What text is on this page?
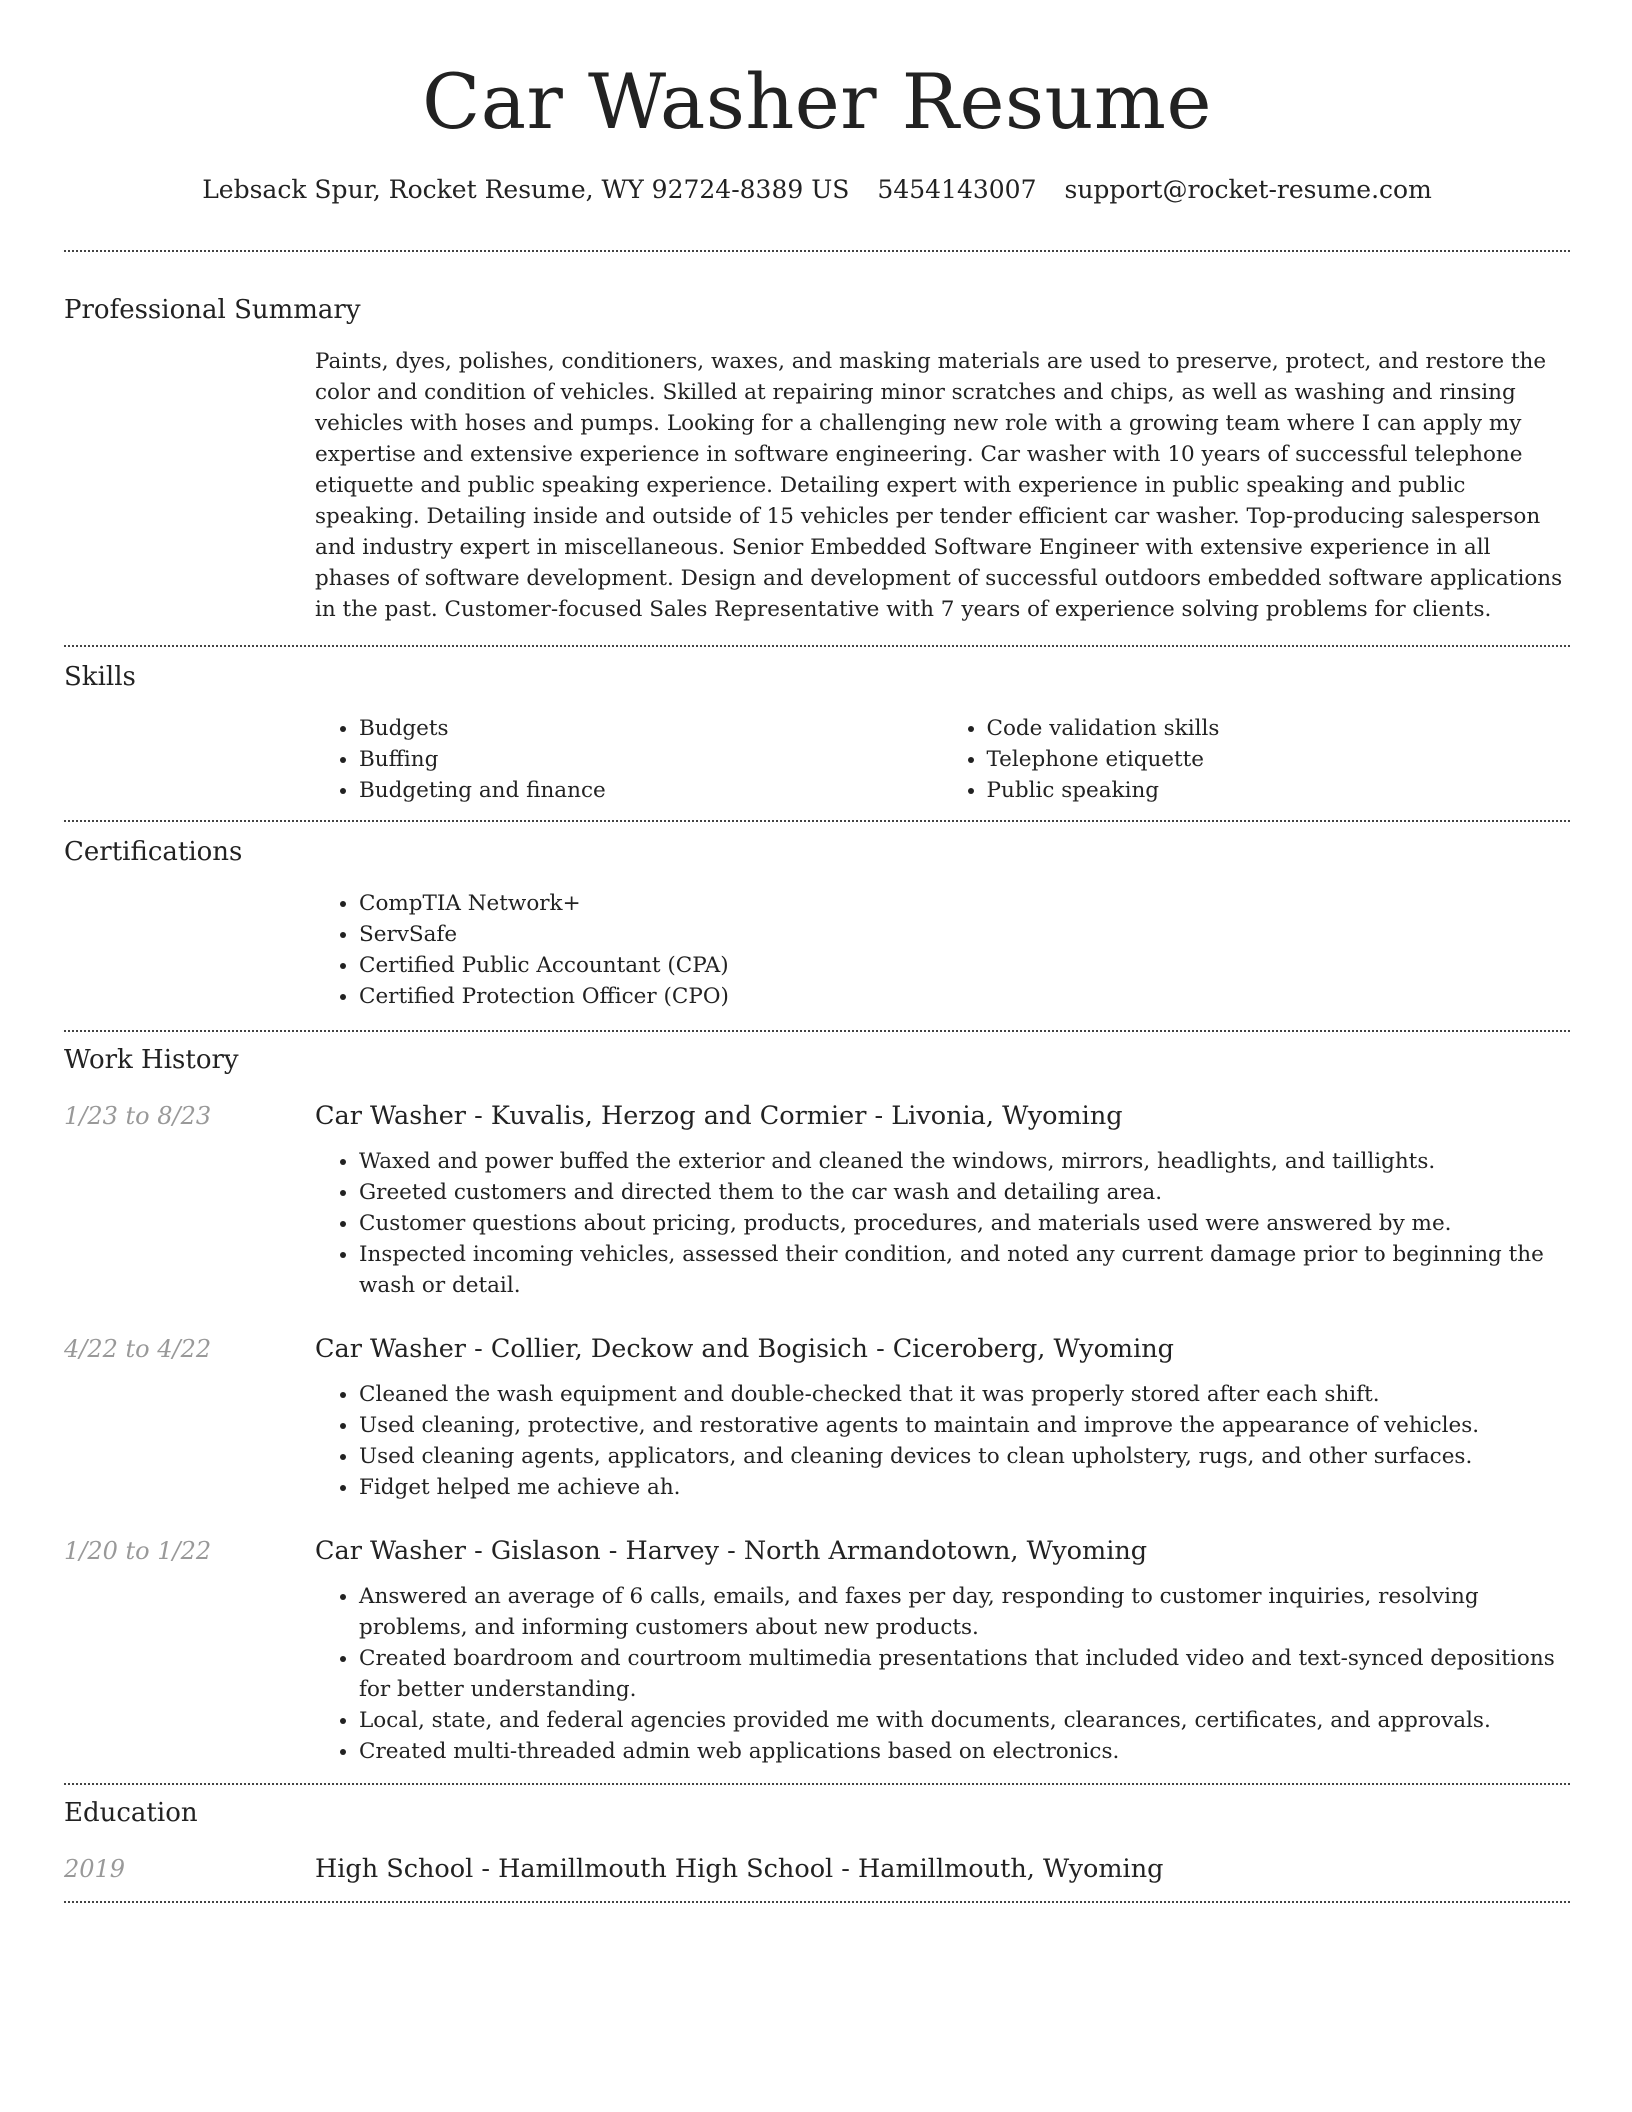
Car Washer Resume
Lebsack Spur, Rocket Resume, WY 92724-8389 US 5454143007 support@rocket-resume.com
Professional Summary

Paints, dyes, polishes, conditioners, waxes, and masking materials are used to preserve, protect, and restore the color and condition of vehicles. Skilled at repairing minor scratches and chips, as well as washing and rinsing vehicles with hoses and pumps. Looking for a challenging new role with a growing team where I can apply my expertise and extensive experience in software engineering. Car washer with 10 years of successful telephone etiquette and public speaking experience. Detailing expert with experience in public speaking and public speaking. Detailing inside and outside of 15 vehicles per tender efficient car washer. Top-producing salesperson and industry expert in miscellaneous. Senior Embedded Software Engineer with extensive experience in all phases of software development. Design and development of successful outdoors embedded software applications in the past. Customer-focused Sales Representative with 7 years of experience solving problems for clients.

Skills
• Budgets
• Buffing
• Budgeting and finance
• Code validation skills
• Telephone etiquette
• Public speaking
Certifications
• CompTIA Network+
• ServSafe
• Certified Public Accountant (CPA)
• Certified Protection Officer (CPO)
Work History
1/23 to 8/23	Car Washer - Kuvalis, Herzog and Cormier - Livonia, Wyoming
• Waxed and power buffed the exterior and cleaned the windows, mirrors, headlights, and taillights.
• Greeted customers and directed them to the car wash and detailing area.
• Customer questions about pricing, products, procedures, and materials used were answered by me.
• Inspected incoming vehicles, assessed their condition, and noted any current damage prior to beginning the wash or detail.
4/22 to 4/22	Car Washer - Collier, Deckow and Bogisich - Ciceroberg, Wyoming
• Cleaned the wash equipment and double-checked that it was properly stored after each shift.
• Used cleaning, protective, and restorative agents to maintain and improve the appearance of vehicles.
• Used cleaning agents, applicators, and cleaning devices to clean upholstery, rugs, and other surfaces.
• Fidget helped me achieve ah.
1/20 to 1/22	Car Washer - Gislason - Harvey - North Armandotown, Wyoming
• Answered an average of 6 calls, emails, and faxes per day, responding to customer inquiries, resolving problems, and informing customers about new products.
• Created boardroom and courtroom multimedia presentations that included video and text-synced depositions for better understanding.
• Local, state, and federal agencies provided me with documents, clearances, certificates, and approvals.
• Created multi-threaded admin web applications based on electronics.
Education
2019	High School - Hamillmouth High School - Hamillmouth, Wyoming
